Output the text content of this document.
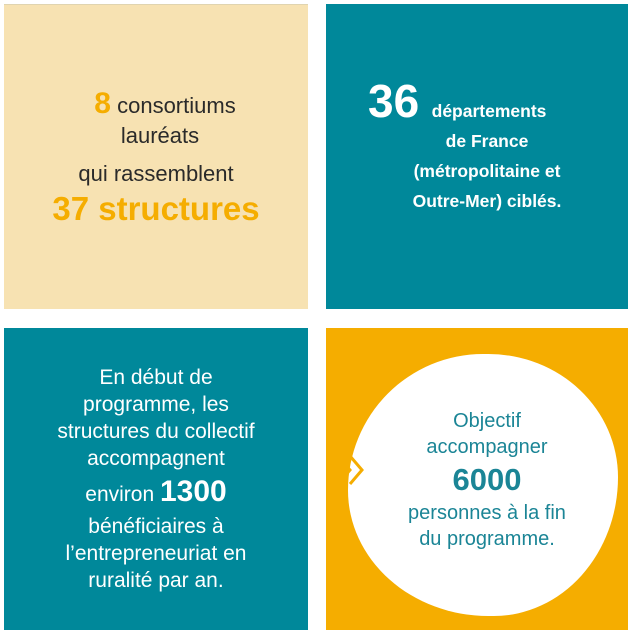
8 consortiums
lauréats
qui rassemblent
37 structures
36 départements
de France
(métropolitaine et
Outre-Mer) ciblés.
En début de
programme, les
structures du collectif
accompagnent
environ 1300
bénéficiaires à
l’entrepreneuriat en
ruralité par an.
Objectif
accompagner
6000
personnes à la fin
du programme.
